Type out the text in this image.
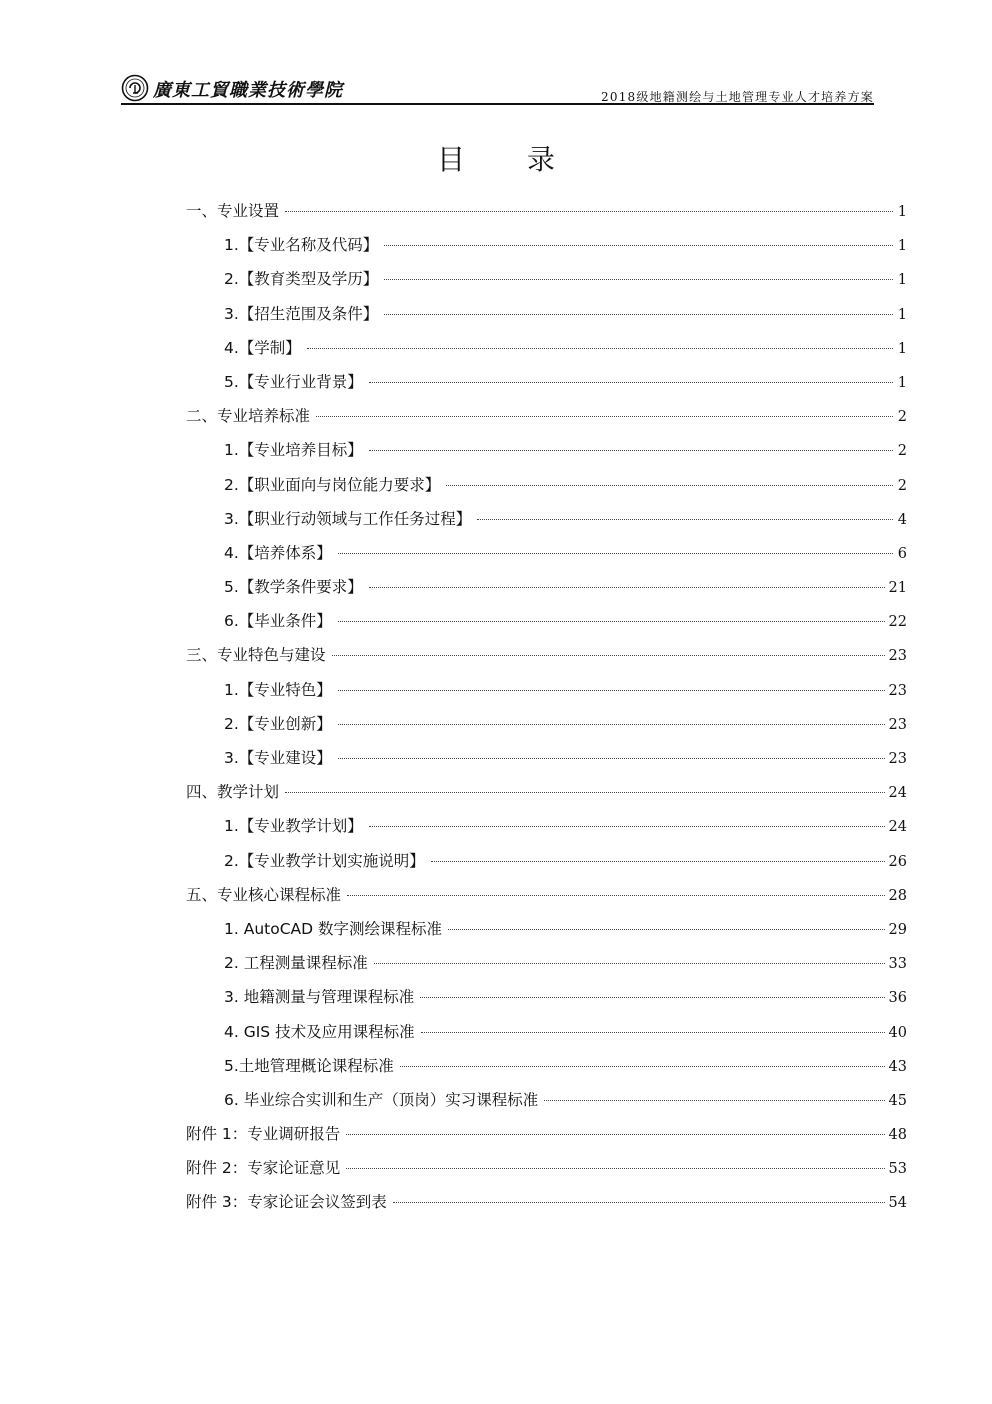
廣東工貿職業技術學院	2018级地籍测绘与土地管理专业人才培养方案
目 录
一、专业设置	1
1.【专业名称及代码】	1
2.【教育类型及学历】	1
3.【招生范围及条件】	1
4.【学制】	1
5.【专业行业背景】	1
二、专业培养标准	2
1.【专业培养目标】	2
2.【职业面向与岗位能力要求】	2
3.【职业行动领域与工作任务过程】	4
4.【培养体系】	6
5.【教学条件要求】	21
6.【毕业条件】	22
三、专业特色与建设	23
1.【专业特色】	23
2.【专业创新】	23
3.【专业建设】	23
四、教学计划	24
1.【专业教学计划】	24
2.【专业教学计划实施说明】	26
五、专业核心课程标准	28
1. AutoCAD 数字测绘课程标准	29
2. 工程测量课程标准	33
3. 地籍测量与管理课程标准	36
4. GIS 技术及应用课程标准	40
5.土地管理概论课程标准	43
6. 毕业综合实训和生产（顶岗）实习课程标准	45
附件 1：专业调研报告	48
附件 2：专家论证意见	53
附件 3：专家论证会议签到表	54
